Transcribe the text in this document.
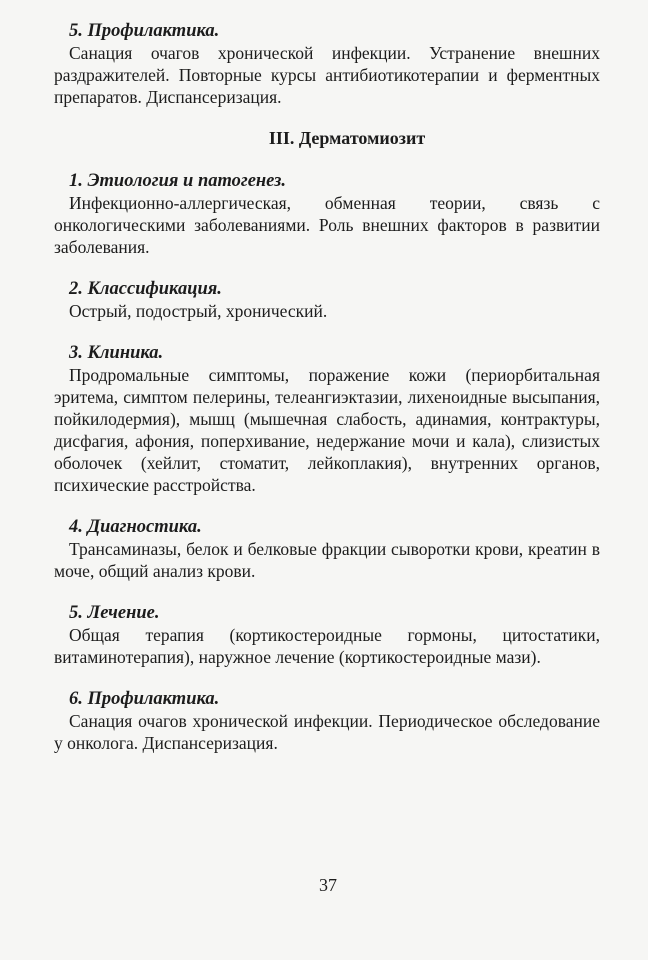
5. Профилактика.

Санация очагов хронической инфекции. Устранение внешних раздражителей. Повторные курсы антибиотикотерапии и ферментных препаратов. Диспансеризация.

III. Дерматомиозит

1. Этиология и патогенез.

Инфекционно-аллергическая, обменная теории, связь с онкологическими заболеваниями. Роль внешних факторов в развитии заболевания.

2. Классификация.

Острый, подострый, хронический.

3. Клиника.

Продромальные симптомы, поражение кожи (периорбитальная эритема, симптом пелерины, телеангиэктазии, лихеноидные высыпания, пойкилодермия), мышц (мышечная слабость, адинамия, контрактуры, дисфагия, афония, поперхивание, недержание мочи и кала), слизистых оболочек (хейлит, стоматит, лейкоплакия), внутренних органов, психические расстройства.

4. Диагностика.

Трансаминазы, белок и белковые фракции сыворотки крови, креатин в моче, общий анализ крови.

5. Лечение.

Общая терапия (кортикостероидные гормоны, цитостатики, витаминотерапия), наружное лечение (кортикостероидные мази).

6. Профилактика.

Санация очагов хронической инфекции. Периодическое обследование у онколога. Диспансеризация.

37
